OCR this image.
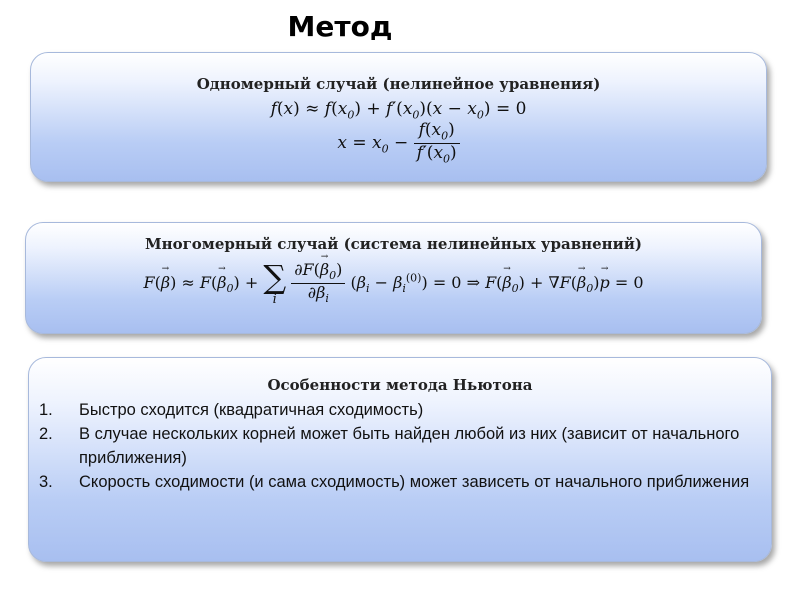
Метод
Одномерный случай (нелинейное уравнения)
$f(x) \approx f(x_0) + f'(x_0)(x - x_0) = 0$
$x = x_0 - \frac{f(x_0)}{f'(x_0)}$
Многомерный случай (система нелинейных уравнений)
$F(\to \beta) \approx F(\to \beta_0)$ + ∑
i
$\frac{\partial F(\to \beta_0)}{\partial\beta_i} (\beta_i - \beta_i^{(0)}) = 0$ ⇒ $F(\to \beta_0) + \nabla F(\to \beta_0)\to p = 0$
Особенности метода Ньютона
1.	Быстро сходится (квадратичная сходимость)
2.	В случае нескольких корней может быть найден любой из них (зависит от начального приближения)
3.	Скорость сходимости (и сама сходимость) может зависеть от начального приближения
